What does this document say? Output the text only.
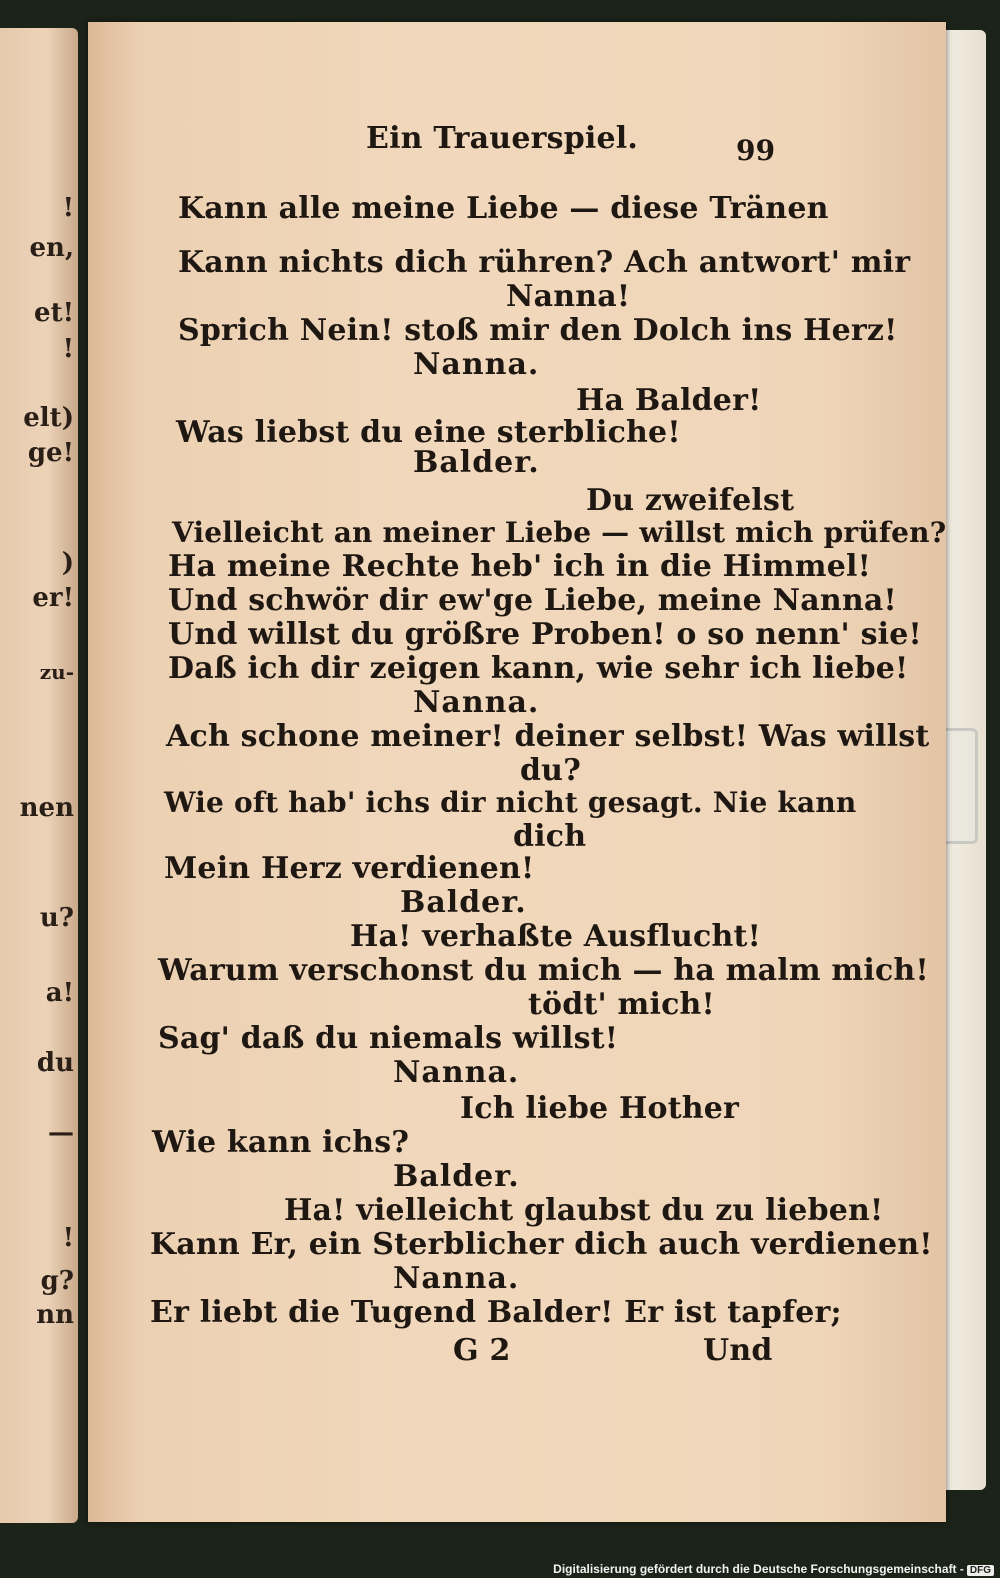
!
en,
et!
!
elt)
ge!
)
er!
zu-
nen
u?
a!
du
—
!
g?
nn
Ein Trauerspiel.	99
Kann alle meine Liebe — diese Tränen
Kann nichts dich rühren? Ach antwort' mir
Nanna!
Sprich Nein! stoß mir den Dolch ins Herz!
Nanna.
Ha Balder!
Was liebst du eine sterbliche!
Balder.
Du zweifelst
Vielleicht an meiner Liebe — willst mich prüfen?
Ha meine Rechte heb' ich in die Himmel!
Und schwör dir ew'ge Liebe, meine Nanna!
Und willst du größre Proben! o so nenn' sie!
Daß ich dir zeigen kann, wie sehr ich liebe!
Nanna.
Ach schone meiner! deiner selbst! Was willst
du?
Wie oft hab' ichs dir nicht gesagt. Nie kann
dich
Mein Herz verdienen!
Balder.
Ha! verhaßte Ausflucht!
Warum verschonst du mich — ha malm mich!
tödt' mich!
Sag' daß du niemals willst!
Nanna.
Ich liebe Hother
Wie kann ichs?
Balder.
Ha! vielleicht glaubst du zu lieben!
Kann Er, ein Sterblicher dich auch verdienen!
Nanna.
Er liebt die Tugend Balder! Er ist tapfer;
G 2	Und
Digitalisierung gefördert durch die Deutsche Forschungsgemeinschaft - DFG
